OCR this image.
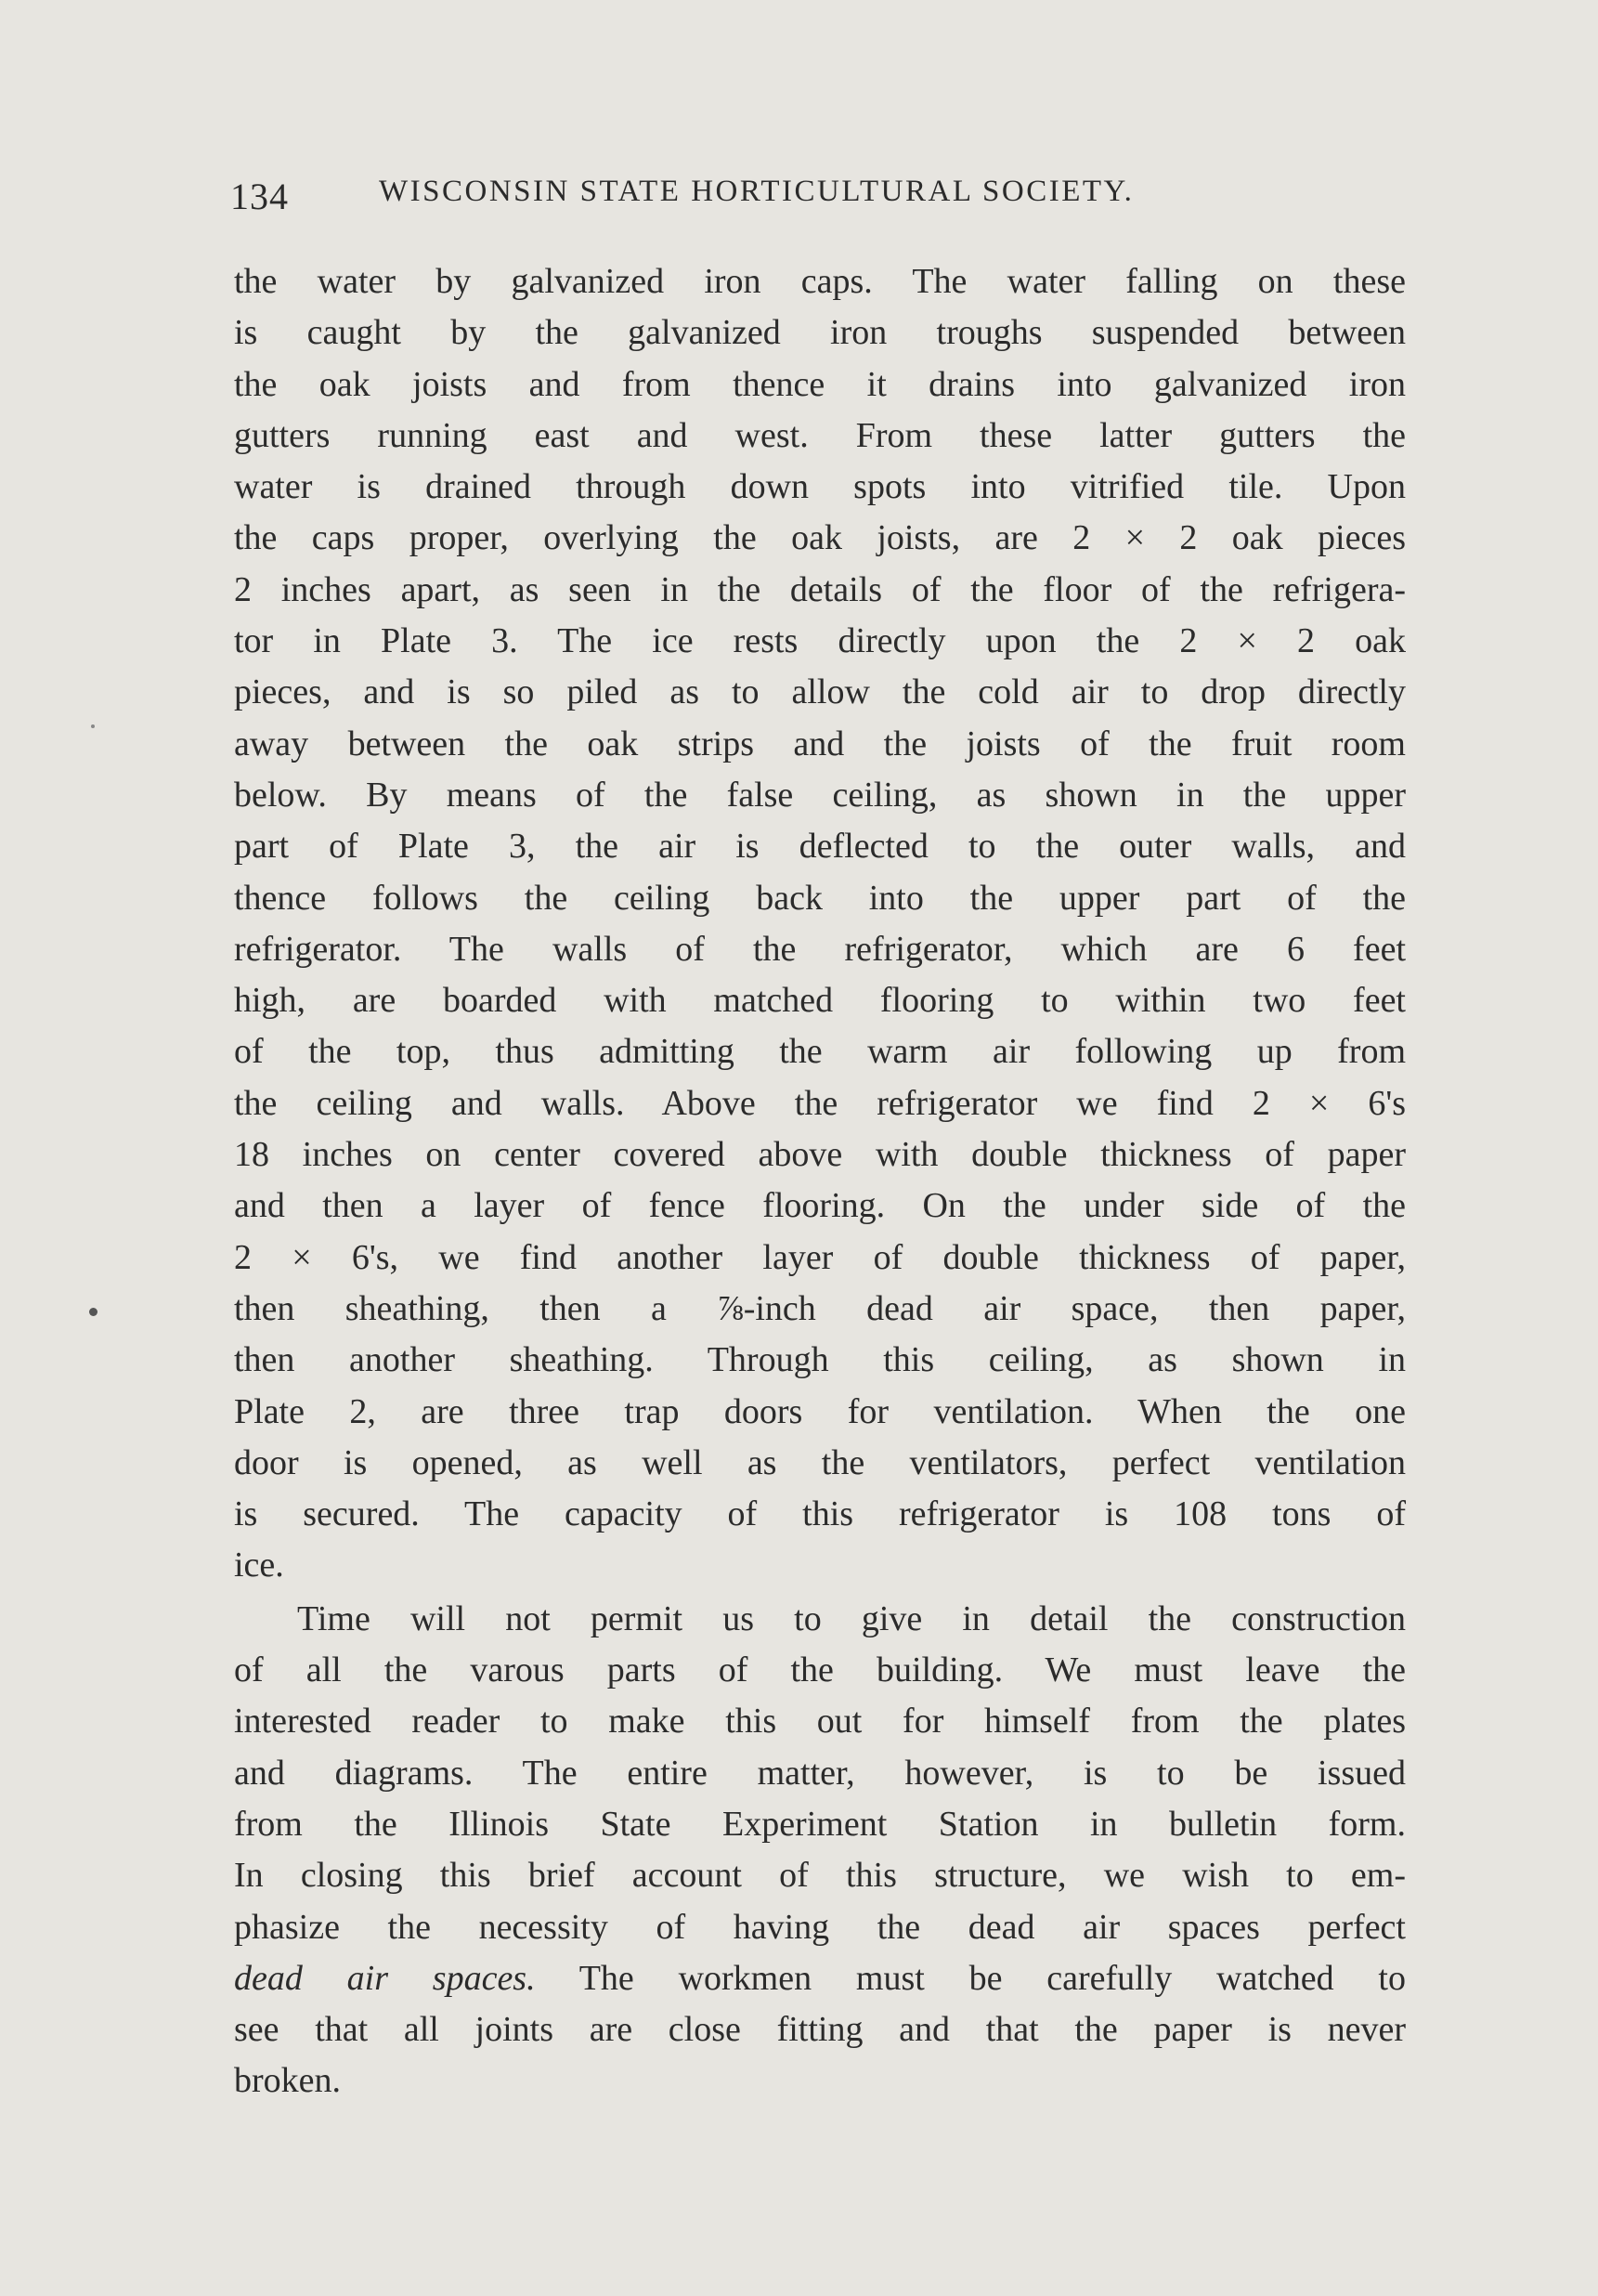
134	WISCONSIN STATE HORTICULTURAL SOCIETY.
the water by galvanized iron caps. The water falling on these
is caught by the galvanized iron troughs suspended between
the oak joists and from thence it drains into galvanized iron
gutters running east and west. From these latter gutters the
water is drained through down spots into vitrified tile. Upon
the caps proper, overlying the oak joists, are 2 × 2 oak pieces
2 inches apart, as seen in the details of the floor of the refrigera-
tor in Plate 3. The ice rests directly upon the 2 × 2 oak
pieces, and is so piled as to allow the cold air to drop directly
away between the oak strips and the joists of the fruit room
below. By means of the false ceiling, as shown in the upper
part of Plate 3, the air is deflected to the outer walls, and
thence follows the ceiling back into the upper part of the
refrigerator. The walls of the refrigerator, which are 6 feet
high, are boarded with matched flooring to within two feet
of the top, thus admitting the warm air following up from
the ceiling and walls. Above the refrigerator we find 2 × 6's
18 inches on center covered above with double thickness of paper
and then a layer of fence flooring. On the under side of the
2 × 6's, we find another layer of double thickness of paper,
then sheathing, then a ⅞-inch dead air space, then paper,
then another sheathing. Through this ceiling, as shown in
Plate 2, are three trap doors for ventilation. When the one
door is opened, as well as the ventilators, perfect ventilation
is secured. The capacity of this refrigerator is 108 tons of
ice.
Time will not permit us to give in detail the construction
of all the varous parts of the building. We must leave the
interested reader to make this out for himself from the plates
and diagrams. The entire matter, however, is to be issued
from the Illinois State Experiment Station in bulletin form.
In closing this brief account of this structure, we wish to em-
phasize the necessity of having the dead air spaces perfect
dead air spaces. The workmen must be carefully watched to
see that all joints are close fitting and that the paper is never
broken.
